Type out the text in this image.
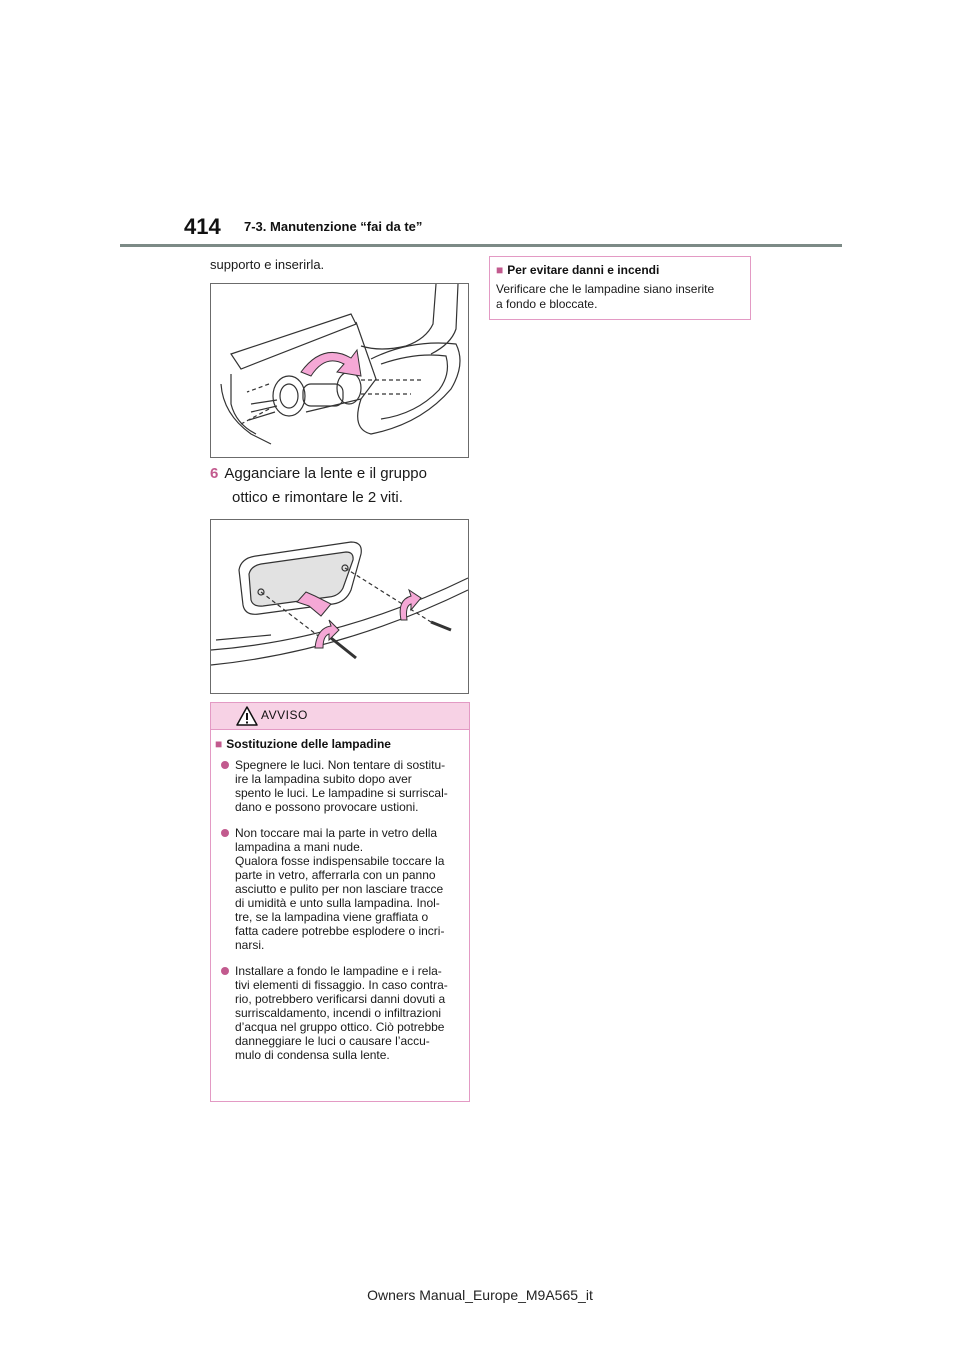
414 7-3. Manutenzione “fai da te”
supporto e inserirla.
6 Agganciare la lente e il gruppo
ottico e rimontare le 2 viti.
AVVISO
■ Sostituzione delle lampadine
Spegnere le luci. Non tentare di sostitu-
ire la lampadina subito dopo aver
spento le luci. Le lampadine si surriscal-
dano e possono provocare ustioni.
Non toccare mai la parte in vetro della
lampadina a mani nude.
Qualora fosse indispensabile toccare la
parte in vetro, afferrarla con un panno
asciutto e pulito per non lasciare tracce
di umidità e unto sulla lampadina. Inol-
tre, se la lampadina viene graffiata o
fatta cadere potrebbe esplodere o incri-
narsi.
Installare a fondo le lampadine e i rela-
tivi elementi di fissaggio. In caso contra-
rio, potrebbero verificarsi danni dovuti a
surriscaldamento, incendi o infiltrazioni
d’acqua nel gruppo ottico. Ciò potrebbe
danneggiare le luci o causare l’accu-
mulo di condensa sulla lente.
■ Per evitare danni e incendi
Verificare che le lampadine siano inserite
a fondo e bloccate.
Owners Manual_Europe_M9A565_it
